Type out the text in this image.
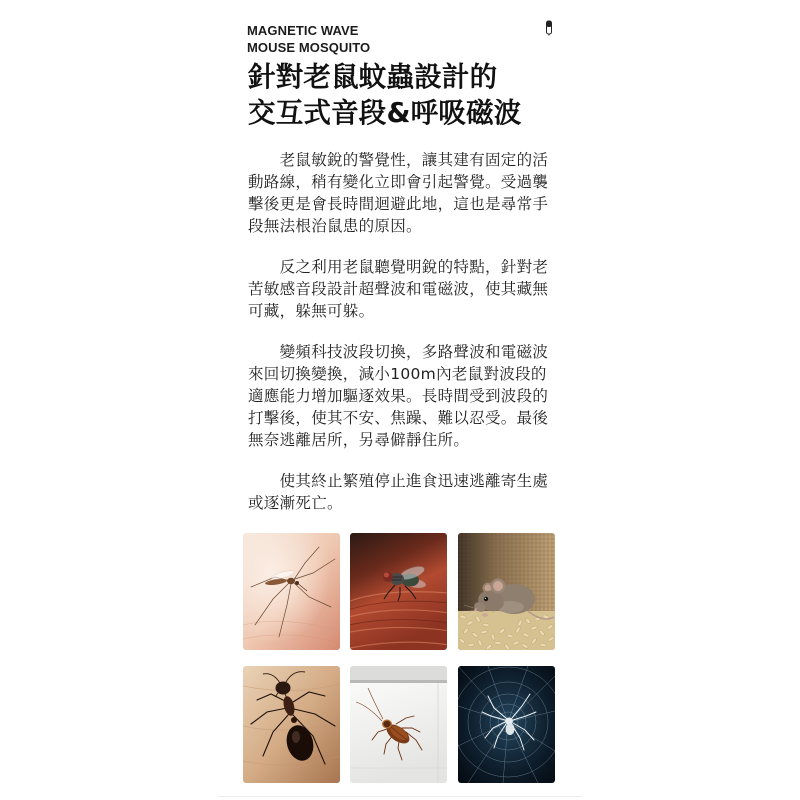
MAGNETIC WAVE
MOUSE MOSQUITO
針對老鼠蚊蟲設計的
交互式音段&呼吸磁波
老鼠敏銳的警覺性，讓其建有固定的活
動路線，稍有變化立即會引起警覺。受過襲
擊後更是會長時間迴避此地，這也是尋常手
段無法根治鼠患的原因。
反之利用老鼠聽覺明銳的特點，針對老
苦敏感音段設計超聲波和電磁波，使其藏無
可藏，躲無可躲。
變頻科技波段切換，多路聲波和電磁波
來回切換變換，減小100m內老鼠對波段的
適應能力增加驅逐效果。長時間受到波段的
打擊後，使其不安、焦躁、難以忍受。最後
無奈逃離居所，另尋僻靜住所。
使其終止繁殖停止進食迅速逃離寄生處
或逐漸死亡。
